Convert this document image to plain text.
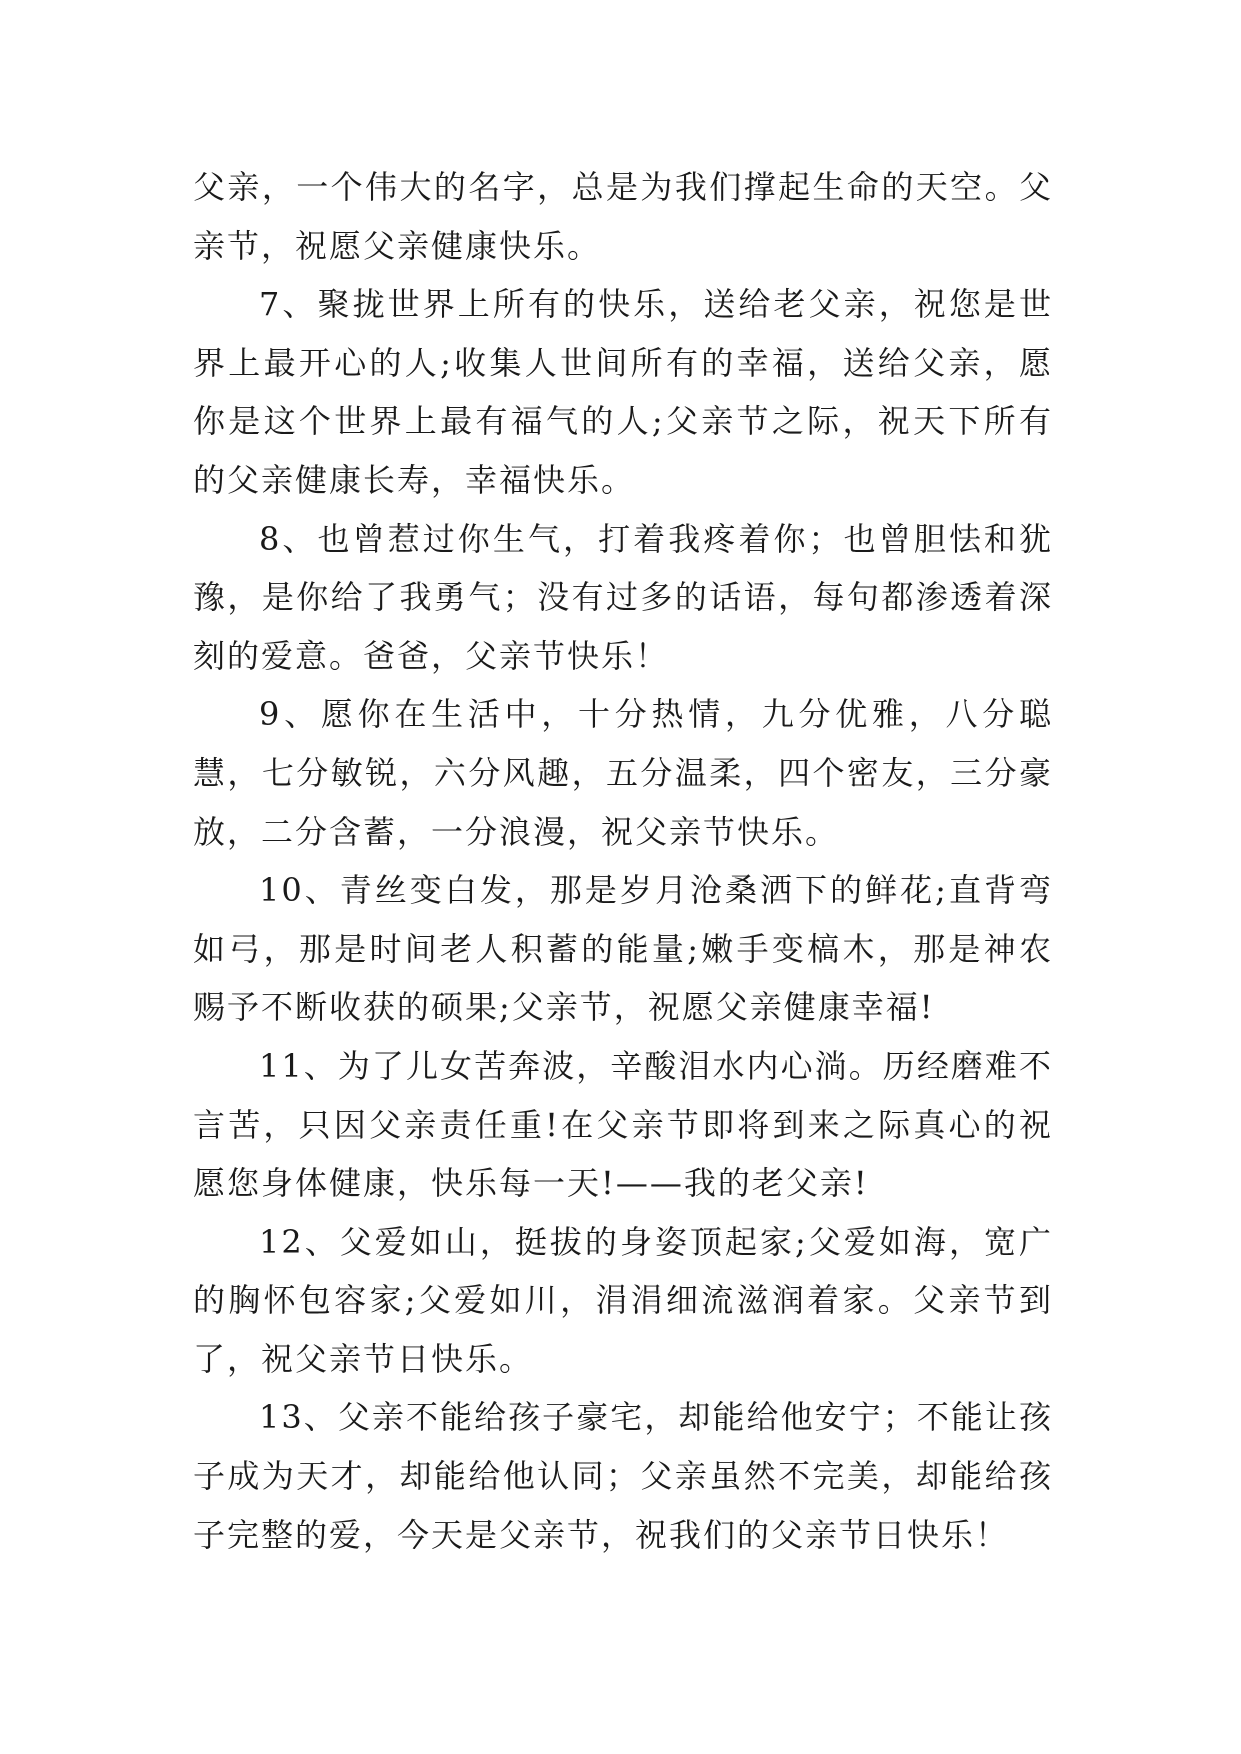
父亲，一个伟大的名字，总是为我们撑起生命的天空。父亲节，祝愿父亲健康快乐。

7、聚拢世界上所有的快乐，送给老父亲，祝您是世界上最开心的人;收集人世间所有的幸福，送给父亲，愿你是这个世界上最有福气的人;父亲节之际，祝天下所有的父亲健康长寿，幸福快乐。

8、也曾惹过你生气，打着我疼着你；也曾胆怯和犹豫，是你给了我勇气；没有过多的话语，每句都渗透着深刻的爱意。爸爸，父亲节快乐！

9、愿你在生活中，十分热情，九分优雅，八分聪慧，七分敏锐，六分风趣，五分温柔，四个密友，三分豪放，二分含蓄，一分浪漫，祝父亲节快乐。

10、青丝变白发，那是岁月沧桑洒下的鲜花;直背弯如弓，那是时间老人积蓄的能量;嫩手变槁木，那是神农赐予不断收获的硕果;父亲节，祝愿父亲健康幸福!

11、为了儿女苦奔波，辛酸泪水内心淌。历经磨难不言苦，只因父亲责任重!在父亲节即将到来之际真心的祝愿您身体健康，快乐每一天!——我的老父亲!

12、父爱如山，挺拔的身姿顶起家;父爱如海，宽广的胸怀包容家;父爱如川，涓涓细流滋润着家。父亲节到了，祝父亲节日快乐。

13、父亲不能给孩子豪宅，却能给他安宁；不能让孩子成为天才，却能给他认同；父亲虽然不完美，却能给孩子完整的爱，今天是父亲节，祝我们的父亲节日快乐！
